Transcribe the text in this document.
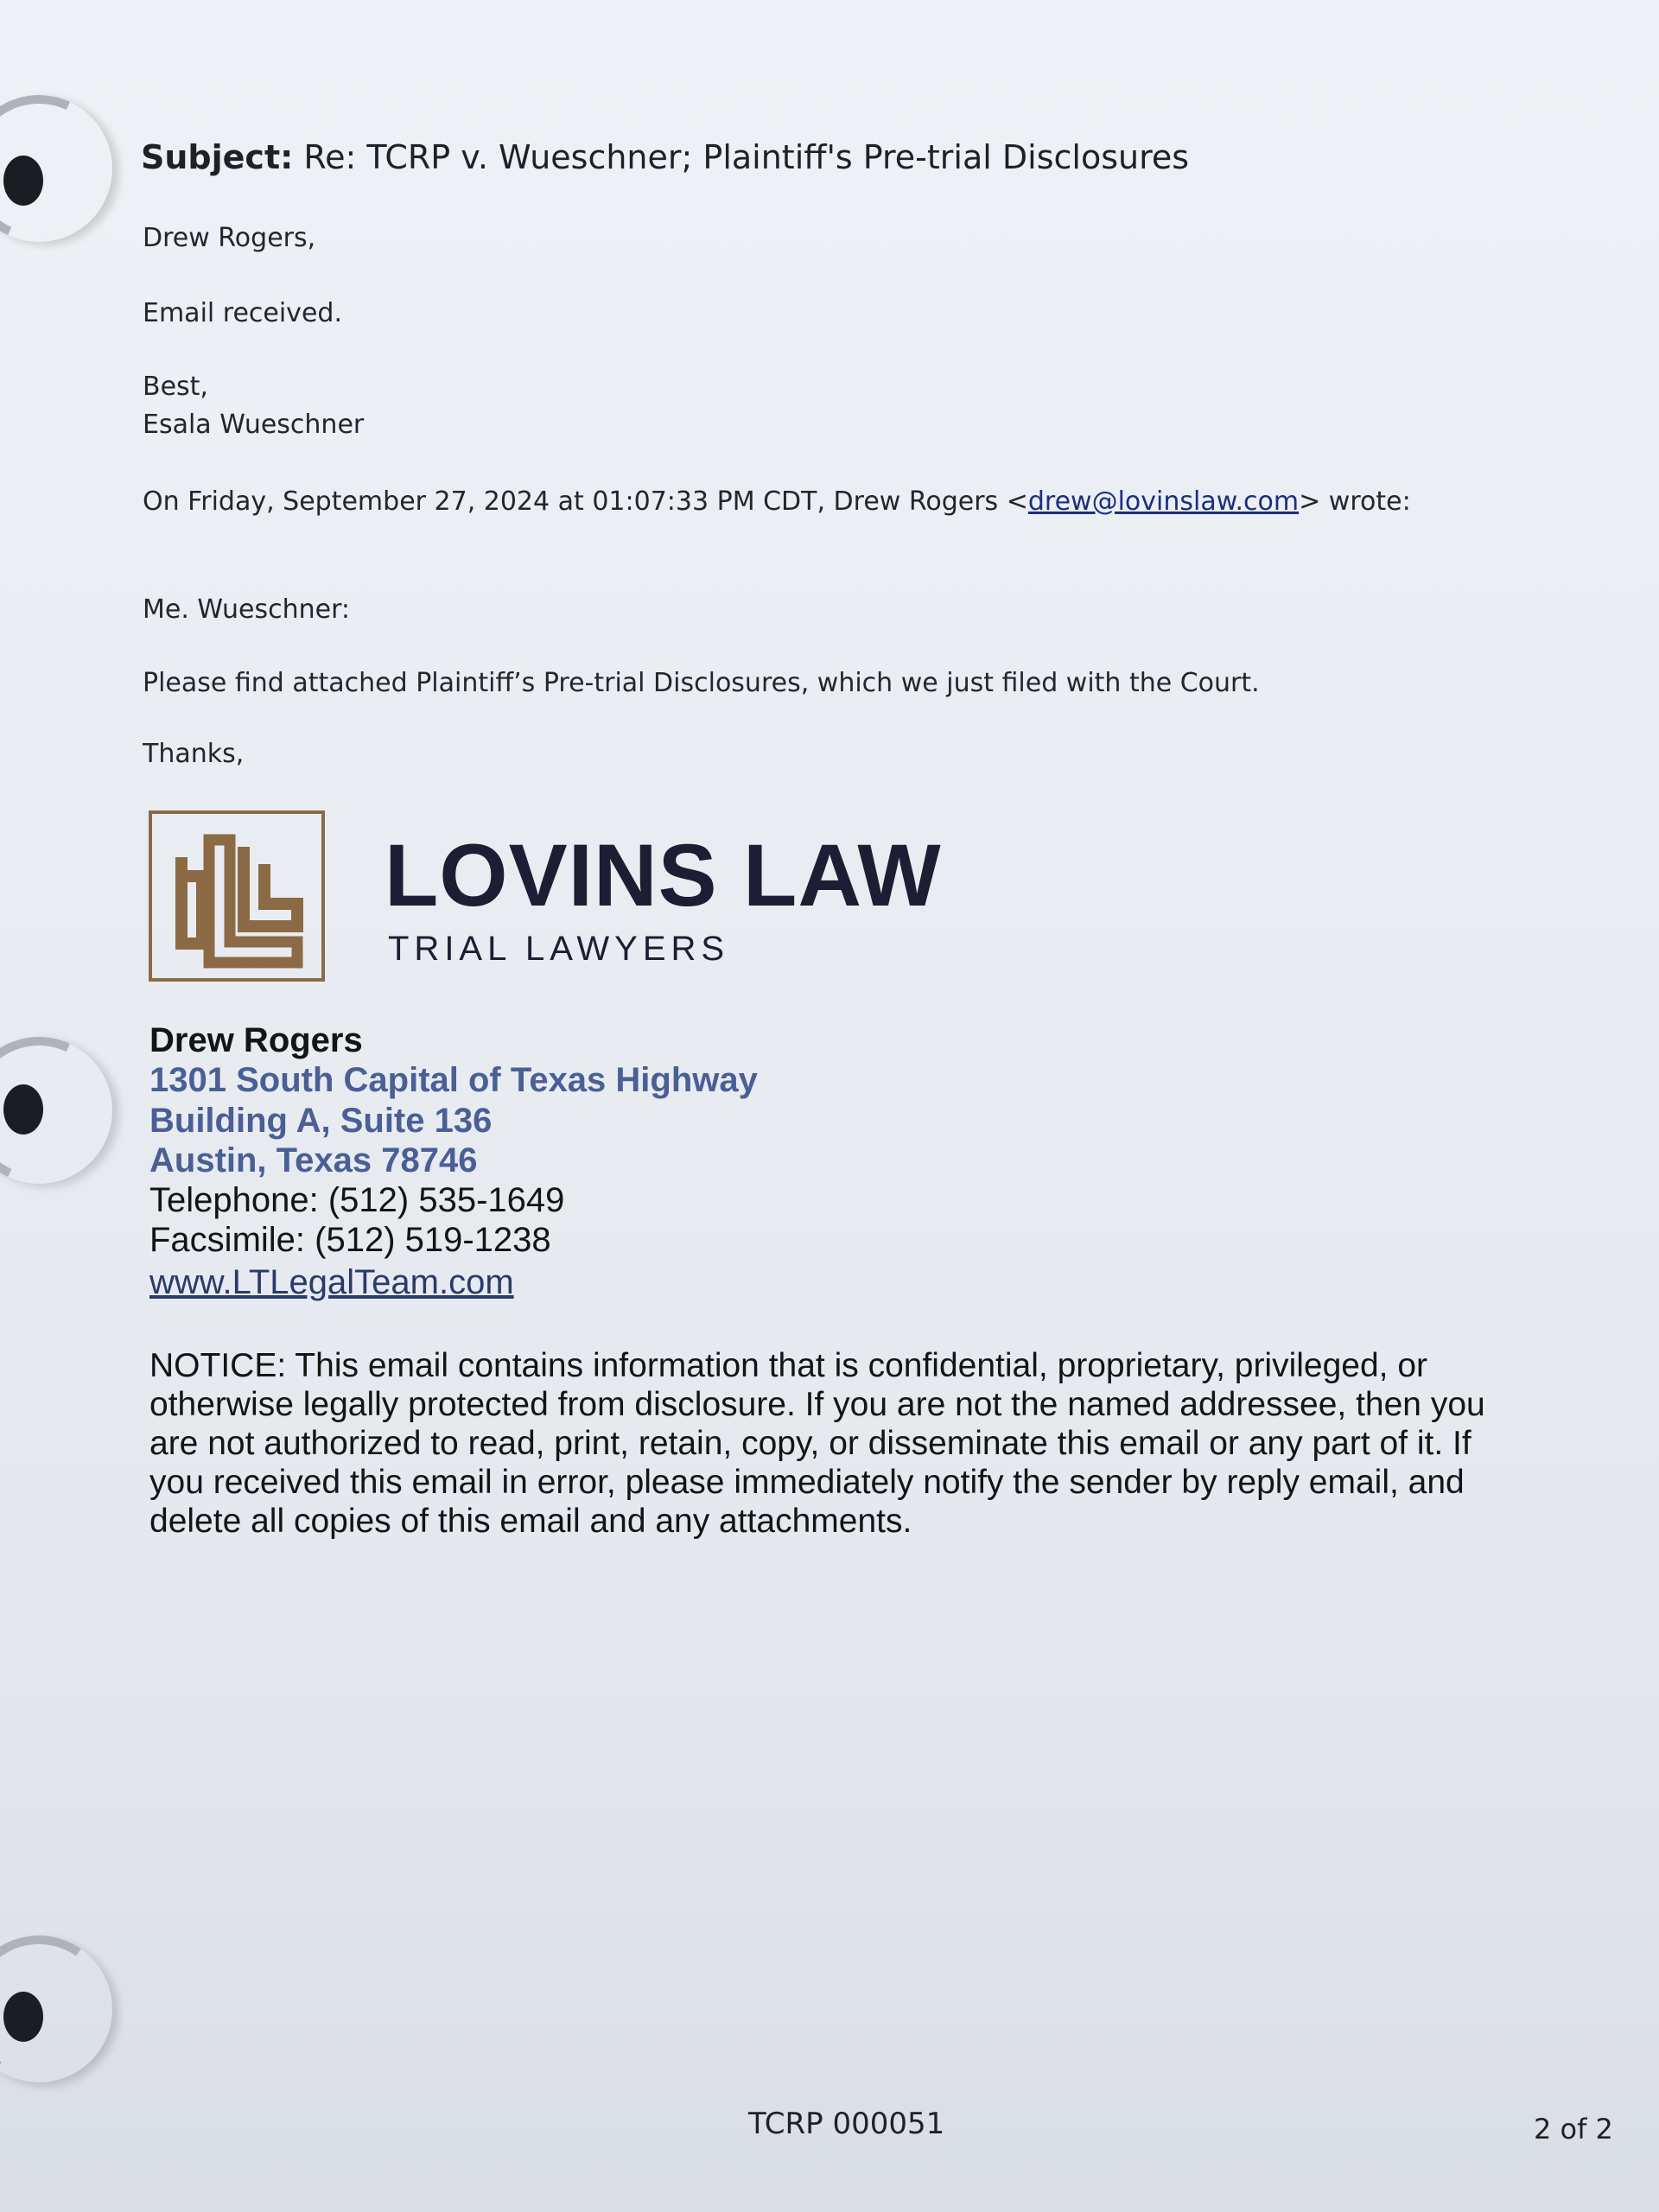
Subject: Re: TCRP v. Wueschner; Plaintiff's Pre-trial Disclosures
Drew Rogers,
Email received.
Best,
Esala Wueschner
On Friday, September 27, 2024 at 01:07:33 PM CDT, Drew Rogers <drew@lovinslaw.com> wrote:
Me. Wueschner:
Please find attached Plaintiff’s Pre-trial Disclosures, which we just filed with the Court.
Thanks,
LOVINS LAW
TRIAL LAWYERS
Drew Rogers
1301 South Capital of Texas Highway
Building A, Suite 136
Austin, Texas 78746
Telephone: (512) 535-1649
Facsimile: (512) 519-1238
www.LTLegalTeam.com
NOTICE: This email contains information that is confidential, proprietary, privileged, or otherwise legally protected from disclosure. If you are not the named addressee, then you are not authorized to read, print, retain, copy, or disseminate this email or any part of it. If you received this email in error, please immediately notify the sender by reply email, and delete all copies of this email and any attachments.
TCRP 000051	2 of 2
